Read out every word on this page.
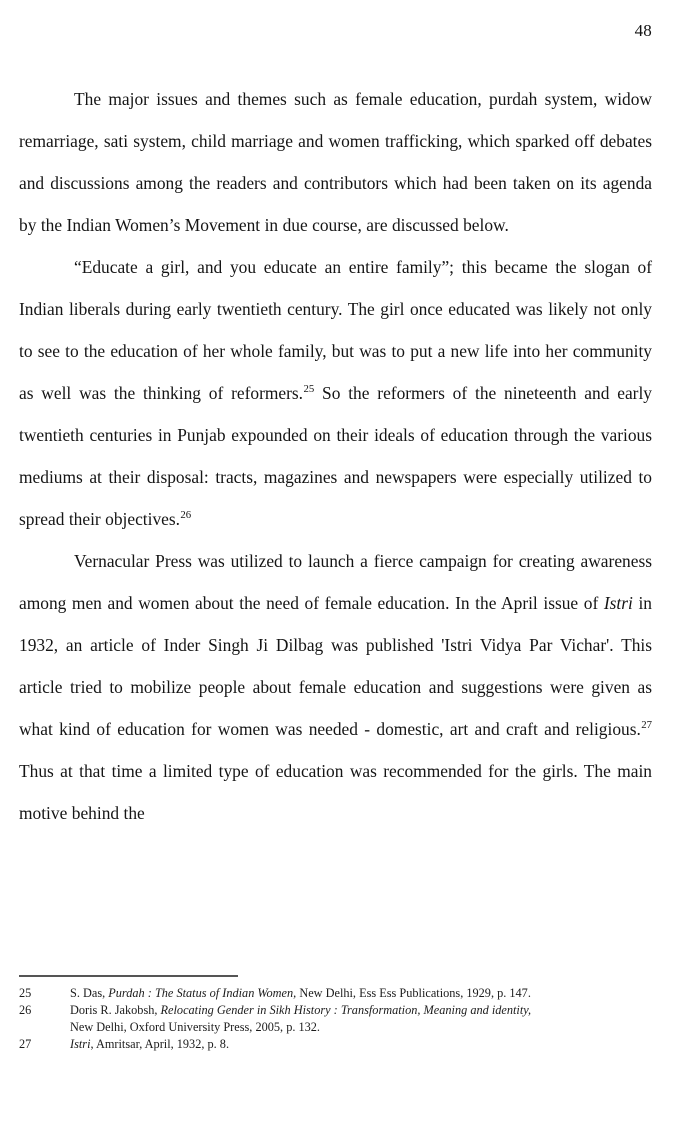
48

The major issues and themes such as female education, purdah system, widow remarriage, sati system, child marriage and women trafficking, which sparked off debates and discussions among the readers and contributors which had been taken on its agenda by the Indian Women’s Movement in due course, are discussed below.

“Educate a girl, and you educate an entire family”; this became the slogan of Indian liberals during early twentieth century. The girl once educated was likely not only to see to the education of her whole family, but was to put a new life into her community as well was the thinking of reformers.$^{25}$ So the reformers of the nineteenth and early twentieth centuries in Punjab expounded on their ideals of education through the various mediums at their disposal: tracts, magazines and newspapers were especially utilized to spread their objectives.$^{26}$

Vernacular Press was utilized to launch a fierce campaign for creating awareness among men and women about the need of female education. In the April issue of Istri in 1932, an article of Inder Singh Ji Dilbag was published 'Istri Vidya Par Vichar'. This article tried to mobilize people about female education and suggestions were given as what kind of education for women was needed - domestic, art and craft and religious.$^{27}$ Thus at that time a limited type of education was recommended for the girls. The main motive behind the

25	S. Das, Purdah : The Status of Indian Women, New Delhi, Ess Ess Publications, 1929, p. 147.
26	Doris R. Jakobsh, Relocating Gender in Sikh History : Transformation, Meaning and identity,
New Delhi, Oxford University Press, 2005, p. 132.
27	Istri, Amritsar, April, 1932, p. 8.
